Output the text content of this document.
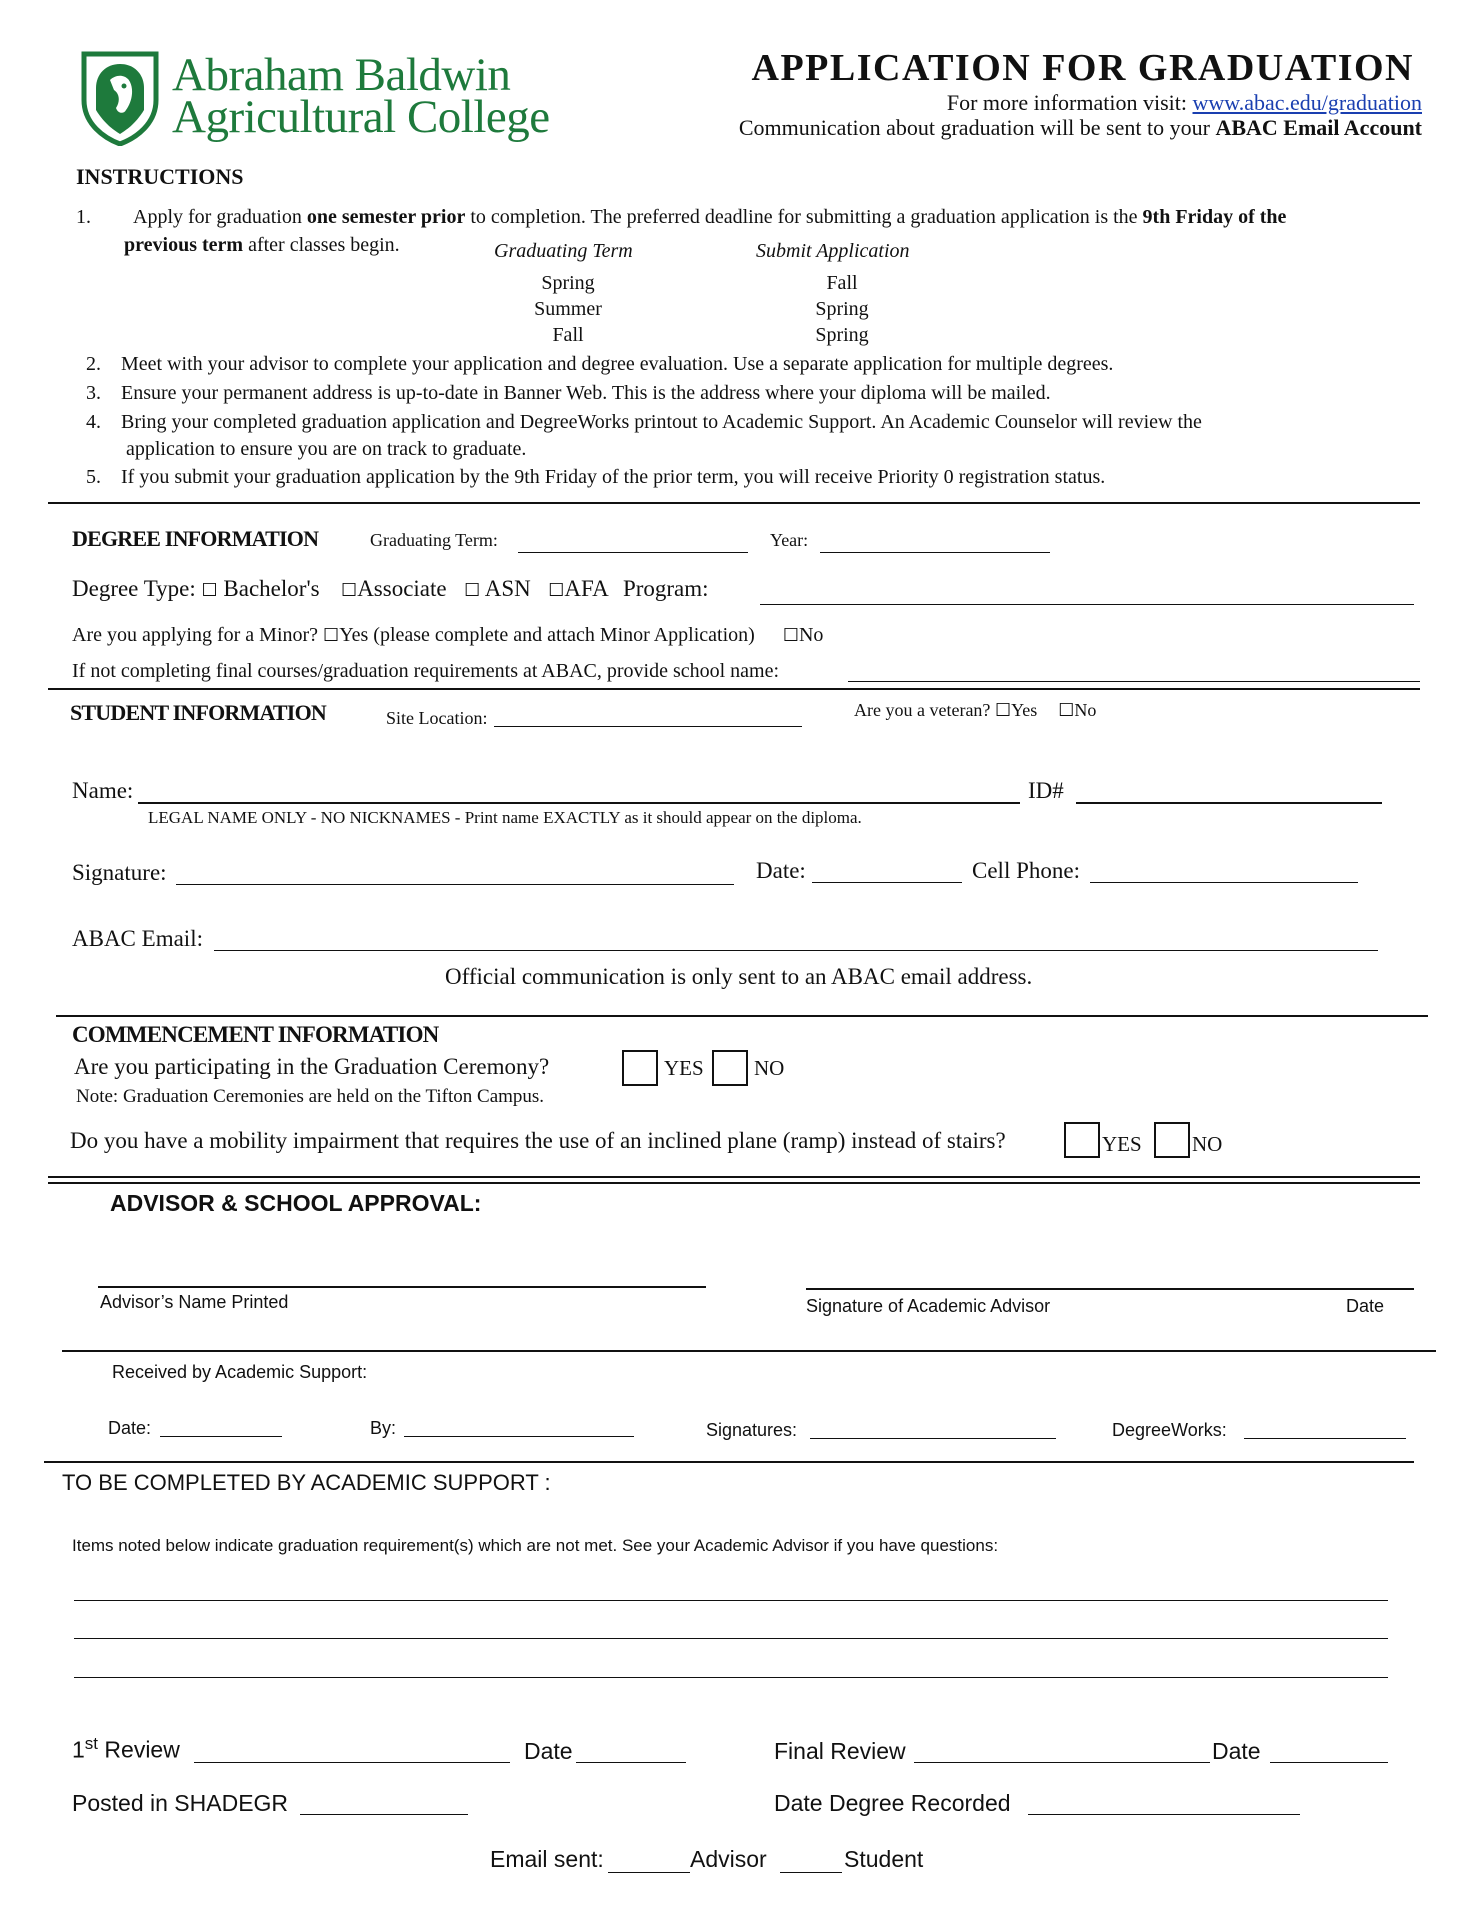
Abraham Baldwin
Agricultural College
APPLICATION FOR GRADUATION
For more information visit: www.abac.edu/graduation
Communication about graduation will be sent to your ABAC Email Account
INSTRUCTIONS
1. Apply for graduation one semester prior to completion. The preferred deadline for submitting a graduation application is the 9th Friday of the
previous term after classes begin.	Graduating Term	Submit Application
Spring	Fall
Summer	Spring
Fall	Spring
2. Meet with your advisor to complete your application and degree evaluation. Use a separate application for multiple degrees.
3. Ensure your permanent address is up-to-date in Banner Web. This is the address where your diploma will be mailed.
4. Bring your completed graduation application and DegreeWorks printout to Academic Support. An Academic Counselor will review the
application to ensure you are on track to graduate.
5. If you submit your graduation application by the 9th Friday of the prior term, you will receive Priority 0 registration status.
DEGREE INFORMATION	Graduating Term:	Year:
Degree Type: ☐ Bachelor's ☐Associate ☐ ASN ☐AFA Program:
Are you applying for a Minor? ☐Yes (please complete and attach Minor Application) ☐No
If not completing final courses/graduation requirements at ABAC, provide school name:
STUDENT INFORMATION	Site Location:	Are you a veteran? ☐Yes ☐No
Name:	ID#
LEGAL NAME ONLY - NO NICKNAMES - Print name EXACTLY as it should appear on the diploma.
Signature:	Date:	Cell Phone:
ABAC Email:
Official communication is only sent to an ABAC email address.
COMMENCEMENT INFORMATION
Are you participating in the Graduation Ceremony?	YES NO
Note: Graduation Ceremonies are held on the Tifton Campus.
Do you have a mobility impairment that requires the use of an inclined plane (ramp) instead of stairs?	YES NO
ADVISOR & SCHOOL APPROVAL:
Advisor’s Name Printed	Signature of Academic Advisor	Date
Received by Academic Support:
Date:	By:	Signatures:	DegreeWorks:
TO BE COMPLETED BY ACADEMIC SUPPORT :
Items noted below indicate graduation requirement(s) which are not met. See your Academic Advisor if you have questions:
1st Review	Date	Final Review	Date
Posted in SHADEGR	Date Degree Recorded
Email sent:	Advisor	Student
